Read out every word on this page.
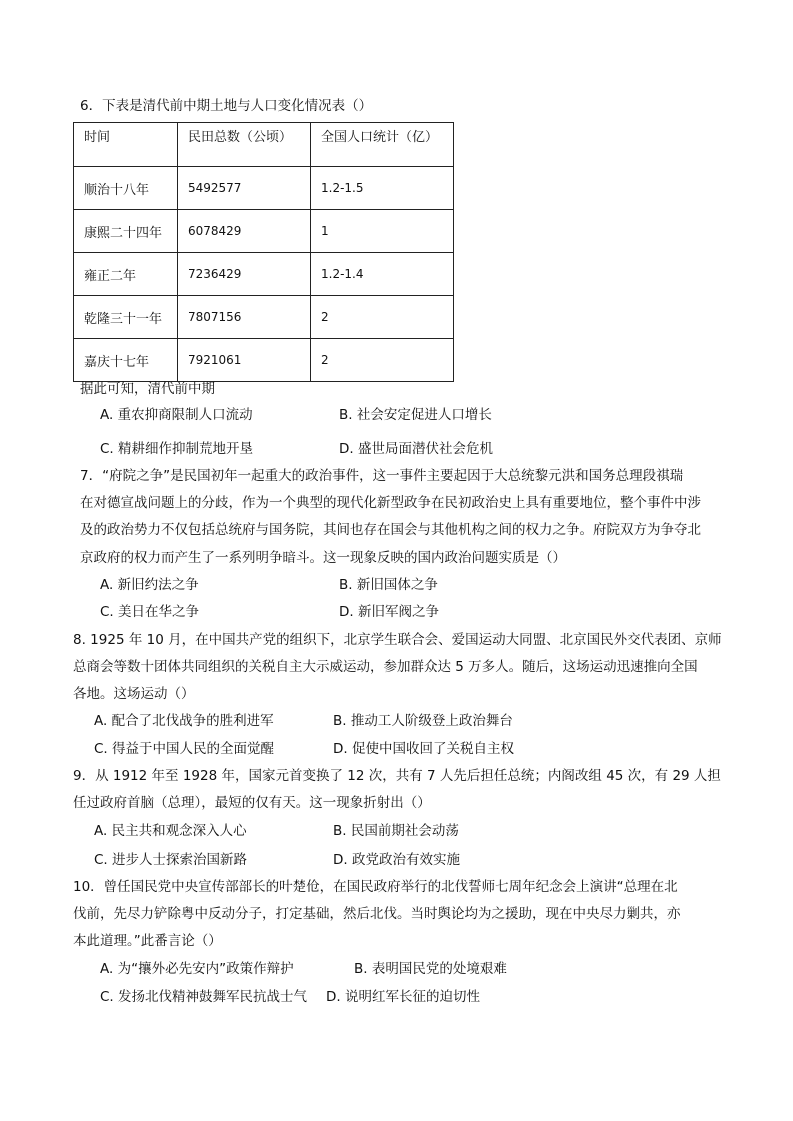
6．下表是清代前中期土地与人口变化情况表（）
时间	民田总数（公顷）	全国人口统计（亿）
顺治十八年	5492577	1.2-1.5
康熙二十四年	6078429	1
雍正二年	7236429	1.2-1.4
乾隆三十一年	7807156	2
嘉庆十七年	7921061	2
据此可知，清代前中期
A. 重农抑商限制人口流动	B. 社会安定促进人口增长
C. 精耕细作抑制荒地开垦	D. 盛世局面潜伏社会危机
7．“府院之争”是民国初年一起重大的政治事件，这一事件主要起因于大总统黎元洪和国务总理段祺瑞
在对德宣战问题上的分歧，作为一个典型的现代化新型政争在民初政治史上具有重要地位，整个事件中涉
及的政治势力不仅包括总统府与国务院，其间也存在国会与其他机构之间的权力之争。府院双方为争夺北
京政府的权力而产生了一系列明争暗斗。这一现象反映的国内政治问题实质是（）
A. 新旧约法之争	B. 新旧国体之争
C. 美日在华之争	D. 新旧军阀之争
8. 1925 年 10 月，在中国共产党的组织下，北京学生联合会、爱国运动大同盟、北京国民外交代表团、京师
总商会等数十团体共同组织的关税自主大示威运动，参加群众达 5 万多人。随后，这场运动迅速推向全国
各地。这场运动（）
A. 配合了北伐战争的胜利进军	B. 推动工人阶级登上政治舞台
C. 得益于中国人民的全面觉醒	D. 促使中国收回了关税自主权
9．从 1912 年至 1928 年，国家元首变换了 12 次，共有 7 人先后担任总统；内阁改组 45 次，有 29 人担
任过政府首脑（总理），最短的仅有天。这一现象折射出（）
A. 民主共和观念深入人心	B. 民国前期社会动荡
C. 进步人士探索治国新路	D. 政党政治有效实施
10．曾任国民党中央宣传部部长的叶楚伧，在国民政府举行的北伐誓师七周年纪念会上演讲“总理在北
伐前，先尽力铲除粤中反动分子，打定基础，然后北伐。当时舆论均为之援助，现在中央尽力剿共，亦
本此道理。”此番言论（）
A. 为“攘外必先安内”政策作辩护	B. 表明国民党的处境艰难
C. 发扬北伐精神鼓舞军民抗战士气 D. 说明红军长征的迫切性
